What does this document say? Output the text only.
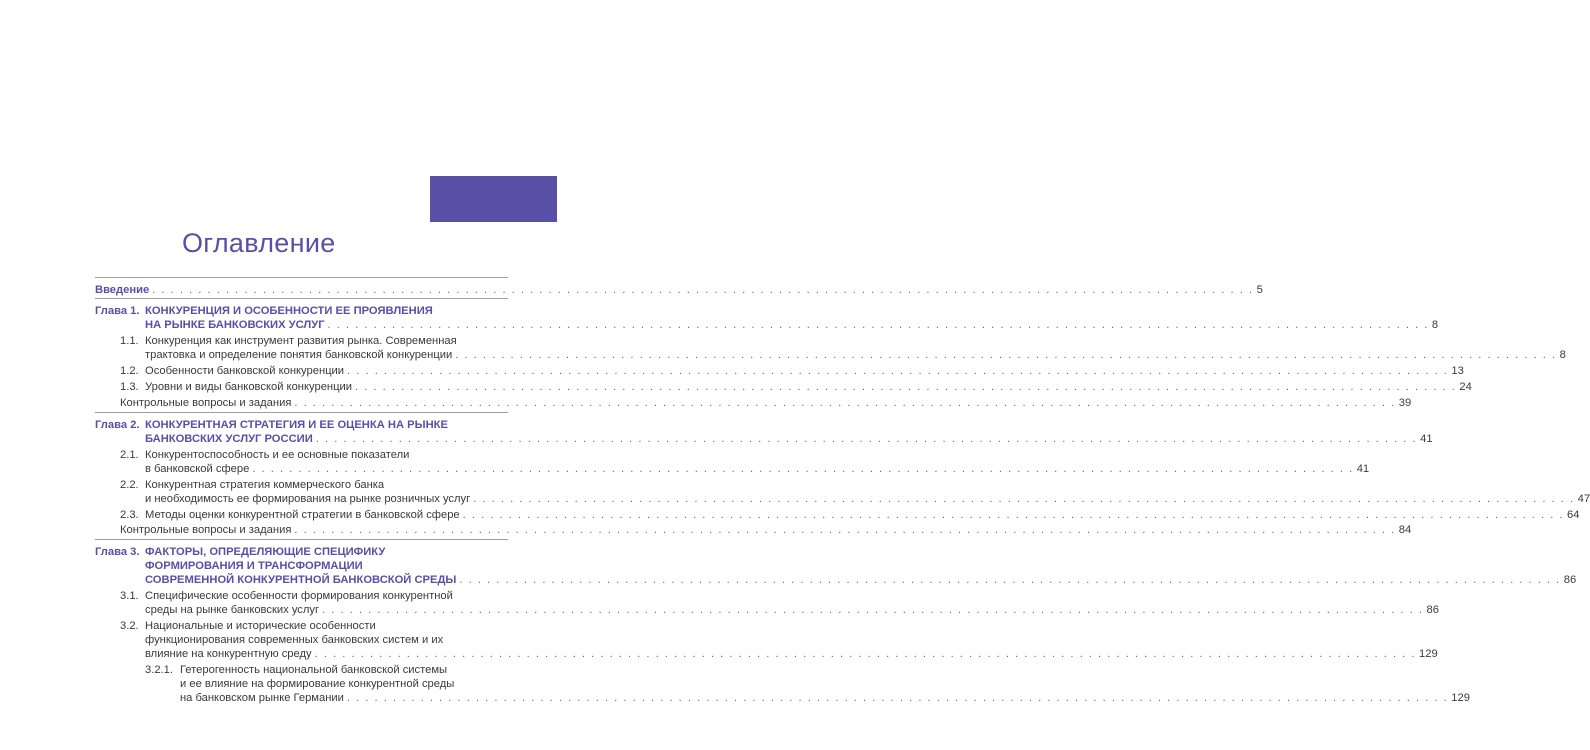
Оглавление
Введение . . . . . . . . . . . . . . . . . . . . . . . . . . . . . . . . . . . . . . . . . . . . . . . . . . . . . . . . . . . . . . . . . . . . . . . . . . . . . . . . . . . . . . . . . . . . . . . . . . . . . . . . . . . . . . . . . . . . . . . . 5
Глава 1. КОНКУРЕНЦИЯ И ОСОБЕННОСТИ ЕЕ ПРОЯВЛЕНИЯ
НА РЫНКЕ БАНКОВСКИХ УСЛУГ . . . . . . . . . . . . . . . . . . . . . . . . . . . . . . . . . . . . . . . . . . . . . . . . . . . . . . . . . . . . . . . . . . . . . . . . . . . . . . . . . . . . . . . . . . . . . . . . . . . . . . . . . . . . . . . . . . . . . . . . 8
1.1. Конкуренция как инструмент развития рынка. Современная
трактовка и определение понятия банковской конкуренции . . . . . . . . . . . . . . . . . . . . . . . . . . . . . . . . . . . . . . . . . . . . . . . . . . . . . . . . . . . . . . . . . . . . . . . . . . . . . . . . . . . . . . . . . . . . . . . . . . . . . . . . . . . . . . . . . . . . . . . . 8
1.2. Особенности банковской конкуренции . . . . . . . . . . . . . . . . . . . . . . . . . . . . . . . . . . . . . . . . . . . . . . . . . . . . . . . . . . . . . . . . . . . . . . . . . . . . . . . . . . . . . . . . . . . . . . . . . . . . . . . . . . . . . . . . . . . . . . . . 13
1.3. Уровни и виды банковской конкуренции . . . . . . . . . . . . . . . . . . . . . . . . . . . . . . . . . . . . . . . . . . . . . . . . . . . . . . . . . . . . . . . . . . . . . . . . . . . . . . . . . . . . . . . . . . . . . . . . . . . . . . . . . . . . . . . . . . . . . . . . 24
Контрольные вопросы и задания . . . . . . . . . . . . . . . . . . . . . . . . . . . . . . . . . . . . . . . . . . . . . . . . . . . . . . . . . . . . . . . . . . . . . . . . . . . . . . . . . . . . . . . . . . . . . . . . . . . . . . . . . . . . . . . . . . . . . . . . 39
Глава 2. КОНКУРЕНТНАЯ СТРАТЕГИЯ И ЕЕ ОЦЕНКА НА РЫНКЕ
БАНКОВСКИХ УСЛУГ РОССИИ . . . . . . . . . . . . . . . . . . . . . . . . . . . . . . . . . . . . . . . . . . . . . . . . . . . . . . . . . . . . . . . . . . . . . . . . . . . . . . . . . . . . . . . . . . . . . . . . . . . . . . . . . . . . . . . . . . . . . . . . 41
2.1. Конкурентоспособность и ее основные показатели
в банковской сфере . . . . . . . . . . . . . . . . . . . . . . . . . . . . . . . . . . . . . . . . . . . . . . . . . . . . . . . . . . . . . . . . . . . . . . . . . . . . . . . . . . . . . . . . . . . . . . . . . . . . . . . . . . . . . . . . . . . . . . . . 41
2.2. Конкурентная стратегия коммерческого банка
и необходимость ее формирования на рынке розничных услуг . . . . . . . . . . . . . . . . . . . . . . . . . . . . . . . . . . . . . . . . . . . . . . . . . . . . . . . . . . . . . . . . . . . . . . . . . . . . . . . . . . . . . . . . . . . . . . . . . . . . . . . . . . . . . . . . . . . . . . . . 47
2.3. Методы оценки конкурентной стратегии в банковской сфере . . . . . . . . . . . . . . . . . . . . . . . . . . . . . . . . . . . . . . . . . . . . . . . . . . . . . . . . . . . . . . . . . . . . . . . . . . . . . . . . . . . . . . . . . . . . . . . . . . . . . . . . . . . . . . . . . . . . . . . . 64
Контрольные вопросы и задания . . . . . . . . . . . . . . . . . . . . . . . . . . . . . . . . . . . . . . . . . . . . . . . . . . . . . . . . . . . . . . . . . . . . . . . . . . . . . . . . . . . . . . . . . . . . . . . . . . . . . . . . . . . . . . . . . . . . . . . . 84
Глава 3. ФАКТОРЫ, ОПРЕДЕЛЯЮЩИЕ СПЕЦИФИКУ
ФОРМИРОВАНИЯ И ТРАНСФОРМАЦИИ
СОВРЕМЕННОЙ КОНКУРЕНТНОЙ БАНКОВСКОЙ СРЕДЫ . . . . . . . . . . . . . . . . . . . . . . . . . . . . . . . . . . . . . . . . . . . . . . . . . . . . . . . . . . . . . . . . . . . . . . . . . . . . . . . . . . . . . . . . . . . . . . . . . . . . . . . . . . . . . . . . . . . . . . . . 86
3.1. Специфические особенности формирования конкурентной
среды на рынке банковских услуг . . . . . . . . . . . . . . . . . . . . . . . . . . . . . . . . . . . . . . . . . . . . . . . . . . . . . . . . . . . . . . . . . . . . . . . . . . . . . . . . . . . . . . . . . . . . . . . . . . . . . . . . . . . . . . . . . . . . . . . . 86
3.2. Национальные и исторические особенности
функционирования современных банковских систем и их
влияние на конкурентную среду . . . . . . . . . . . . . . . . . . . . . . . . . . . . . . . . . . . . . . . . . . . . . . . . . . . . . . . . . . . . . . . . . . . . . . . . . . . . . . . . . . . . . . . . . . . . . . . . . . . . . . . . . . . . . . . . . . . . . . . . 129
3.2.1. Гетерогенность национальной банковской системы
и ее влияние на формирование конкурентной среды
на банковском рынке Германии . . . . . . . . . . . . . . . . . . . . . . . . . . . . . . . . . . . . . . . . . . . . . . . . . . . . . . . . . . . . . . . . . . . . . . . . . . . . . . . . . . . . . . . . . . . . . . . . . . . . . . . . . . . . . . . . . . . . . . . . 129
